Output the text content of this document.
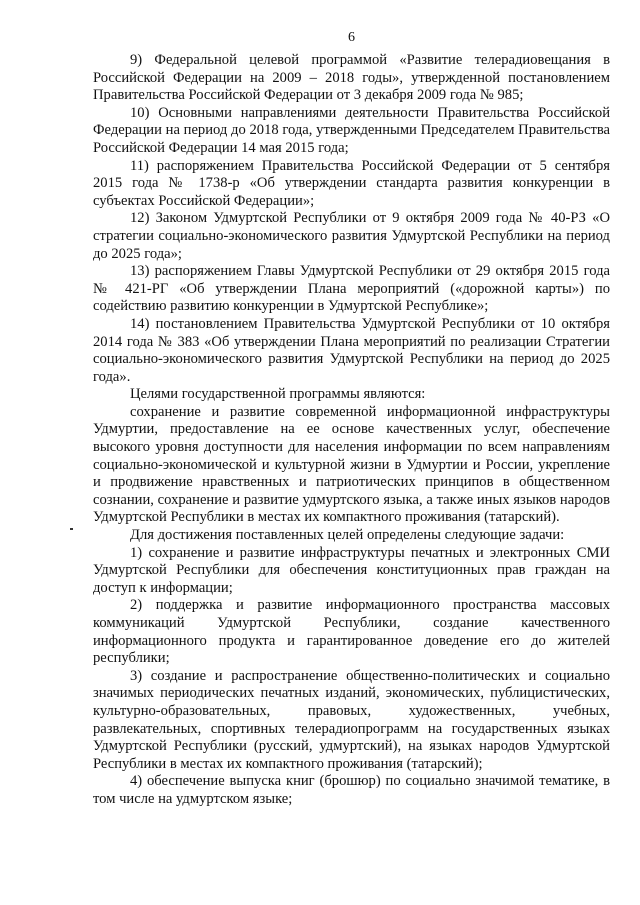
6

9) Федеральной целевой программой «Развитие телерадиовещания в Российской Федерации на 2009 – 2018 годы», утвержденной постановлением Правительства Российской Федерации от 3 декабря 2009 года № 985;

10) Основными направлениями деятельности Правительства Российской Федерации на период до 2018 года, утвержденными Председателем Правительства Российской Федерации 14 мая 2015 года;

11) распоряжением Правительства Российской Федерации от 5 сентября 2015 года № 1738-р «Об утверждении стандарта развития конкуренции в субъектах Российской Федерации»;

12) Законом Удмуртской Республики от 9 октября 2009 года № 40-РЗ «О стратегии социально-экономического развития Удмуртской Республики на период до 2025 года»;

13) распоряжением Главы Удмуртской Республики от 29 октября 2015 года № 421-РГ «Об утверждении Плана мероприятий («дорожной карты») по содействию развитию конкуренции в Удмуртской Республике»;

14) постановлением Правительства Удмуртской Республики от 10 октября 2014 года № 383 «Об утверждении Плана мероприятий по реализации Стратегии социально-экономического развития Удмуртской Республики на период до 2025 года».

Целями государственной программы являются:

сохранение и развитие современной информационной инфраструктуры Удмуртии, предоставление на ее основе качественных услуг, обеспечение высокого уровня доступности для населения информации по всем направлениям социально-экономической и культурной жизни в Удмуртии и России, укрепление и продвижение нравственных и патриотических принципов в общественном сознании, сохранение и развитие удмуртского языка, а также иных языков народов Удмуртской Республики в местах их компактного проживания (татарский).

Для достижения поставленных целей определены следующие задачи:

1) сохранение и развитие инфраструктуры печатных и электронных СМИ Удмуртской Республики для обеспечения конституционных прав граждан на доступ к информации;

2) поддержка и развитие информационного пространства массовых коммуникаций Удмуртской Республики, создание качественного информационного продукта и гарантированное доведение его до жителей республики;

3) создание и распространение общественно-политических и социально значимых периодических печатных изданий, экономических, публицистических, культурно-образовательных, правовых, художественных, учебных, развлекательных, спортивных телерадиопрограмм на государственных языках Удмуртской Республики (русский, удмуртский), на языках народов Удмуртской Республики в местах их компактного проживания (татарский);

4) обеспечение выпуска книг (брошюр) по социально значимой тематике, в том числе на удмуртском языке;
